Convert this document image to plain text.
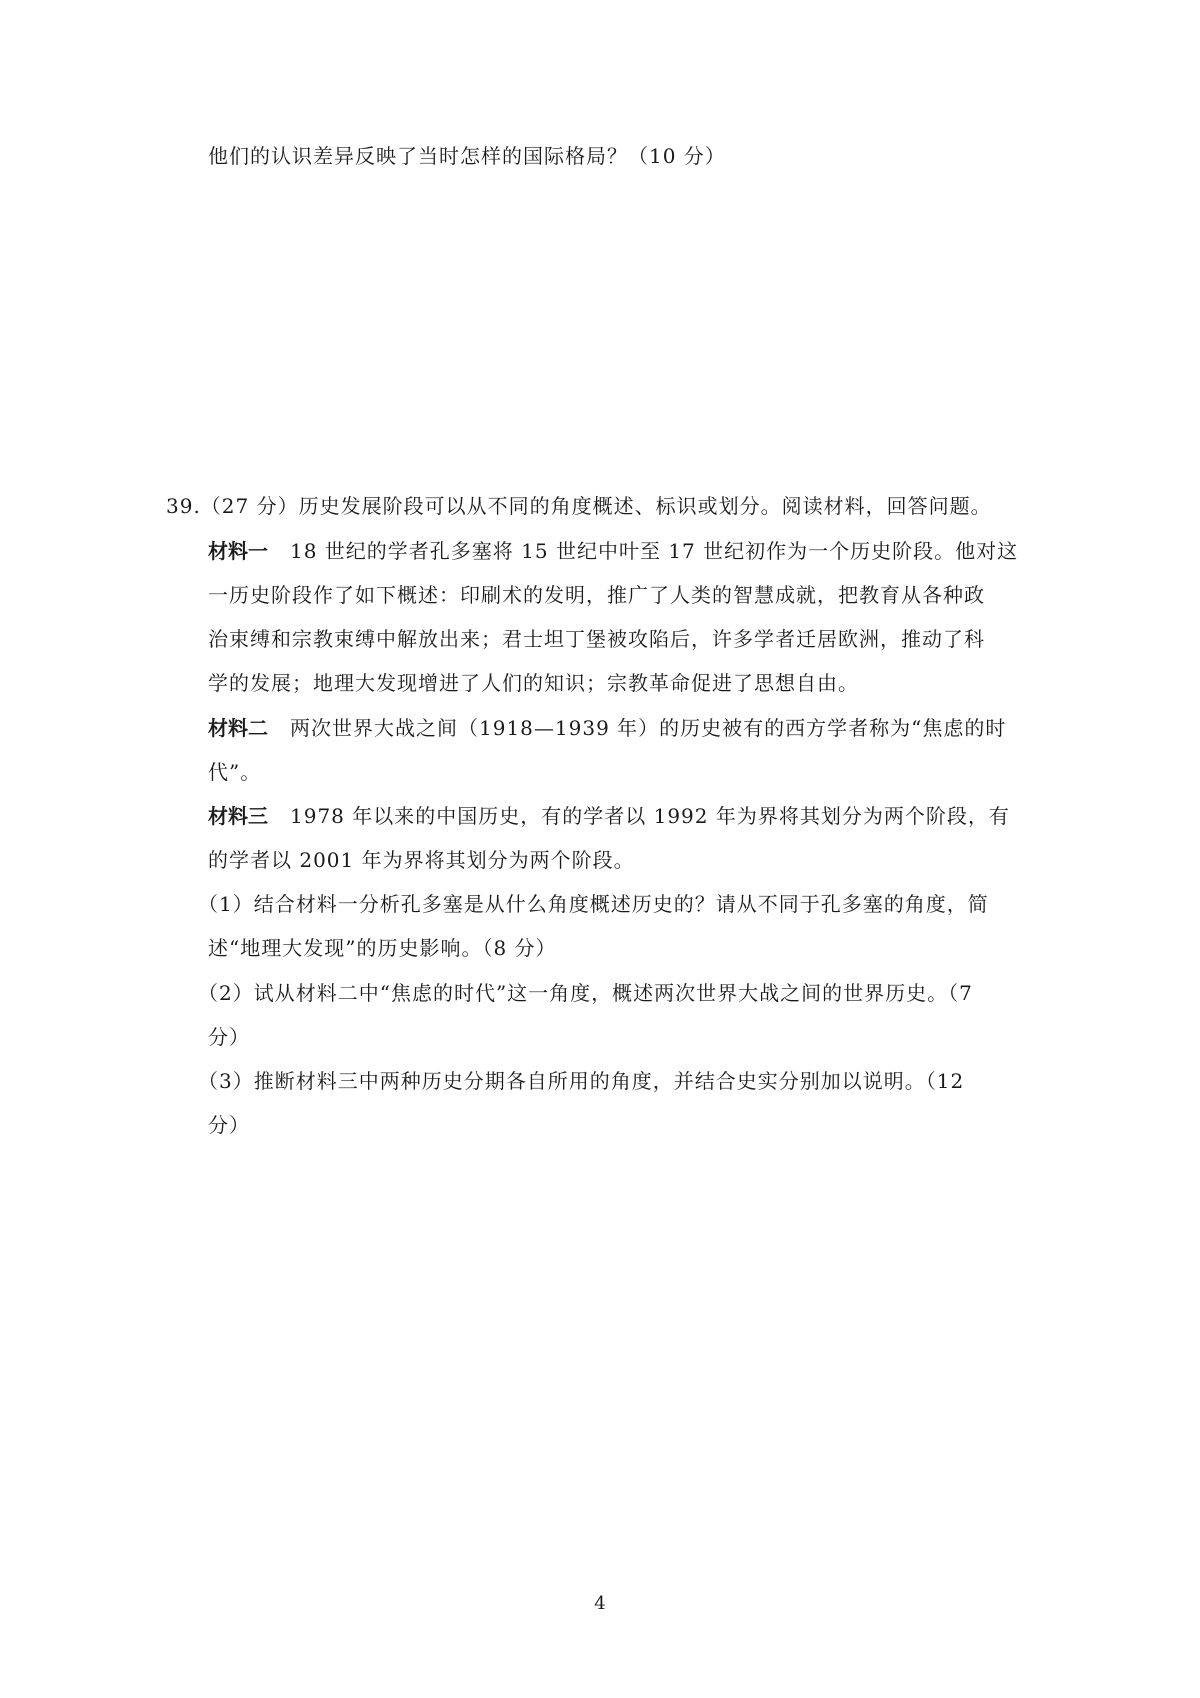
他们的认识差异反映了当时怎样的国际格局？（10 分）
39.（27 分）历史发展阶段可以从不同的角度概述、标识或划分。阅读材料，回答问题。
材料一 18 世纪的学者孔多塞将 15 世纪中叶至 17 世纪初作为一个历史阶段。他对这
一历史阶段作了如下概述：印刷术的发明，推广了人类的智慧成就，把教育从各种政
治束缚和宗教束缚中解放出来；君士坦丁堡被攻陷后，许多学者迁居欧洲，推动了科
学的发展；地理大发现增进了人们的知识；宗教革命促进了思想自由。
材料二 两次世界大战之间（1918—1939 年）的历史被有的西方学者称为“焦虑的时
代”。
材料三 1978 年以来的中国历史，有的学者以 1992 年为界将其划分为两个阶段，有
的学者以 2001 年为界将其划分为两个阶段。
（1）结合材料一分析孔多塞是从什么角度概述历史的？请从不同于孔多塞的角度，简
述“地理大发现”的历史影响。（8 分）
（2）试从材料二中“焦虑的时代”这一角度，概述两次世界大战之间的世界历史。（7
分）
（3）推断材料三中两种历史分期各自所用的角度，并结合史实分别加以说明。（12
分）
4
